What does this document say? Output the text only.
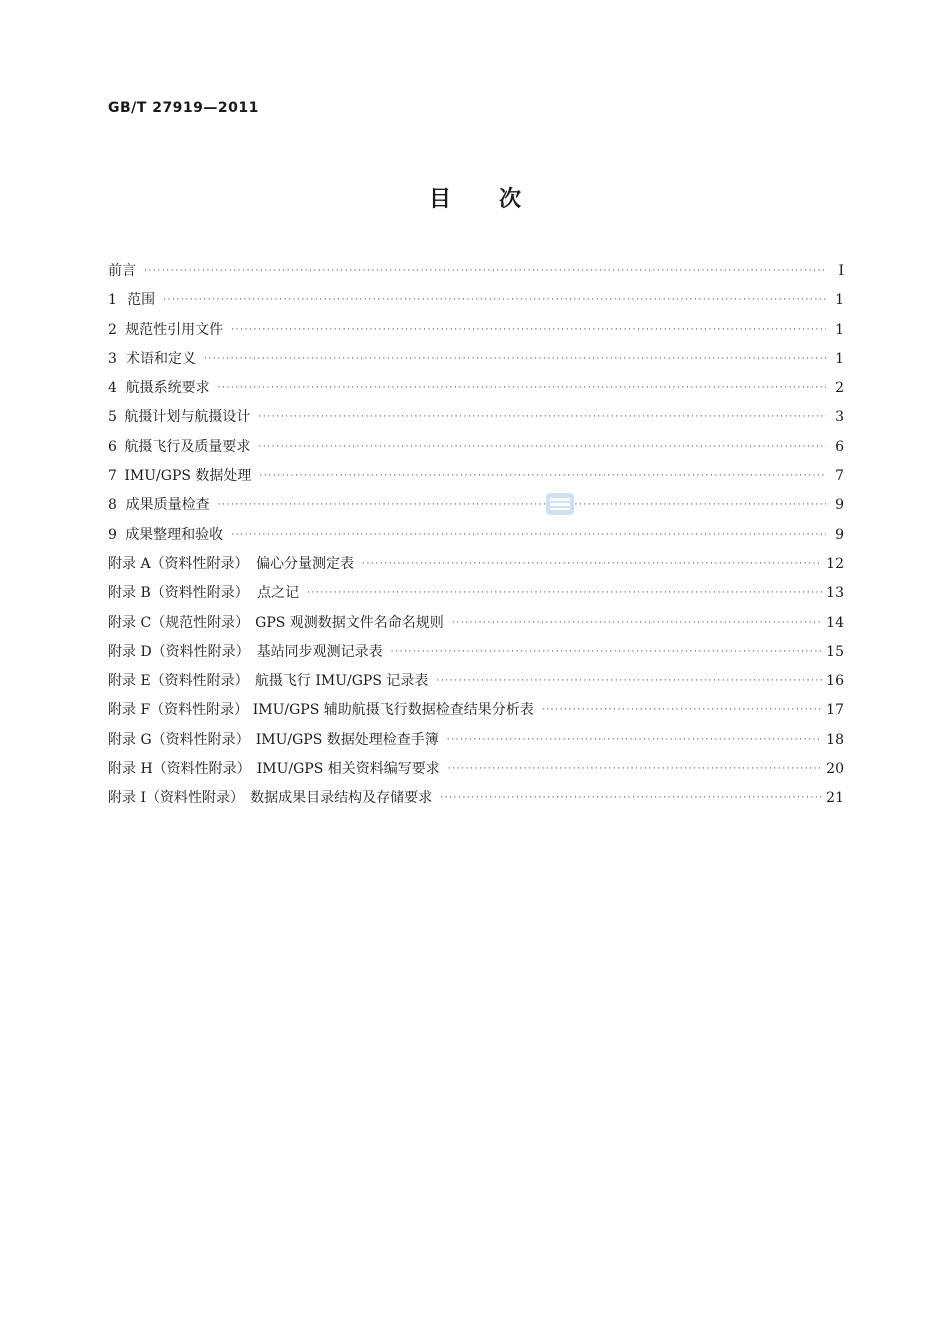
GB/T 27919—2011
目次
前言 ·····	Ⅰ
1 范围 ·····	1
2 规范性引用文件 ·····	1
3 术语和定义 ·····	1
4 航摄系统要求 ·····	2
5 航摄计划与航摄设计 ·····	3
6 航摄飞行及质量要求 ·····	6
7 IMU/GPS 数据处理 ·····	7
8 成果质量检查 ·····	9
9 成果整理和验收 ·····	9
附录 A（资料性附录） 偏心分量测定表 ·····	12
附录 B（资料性附录） 点之记 ·····	13
附录 C（规范性附录） GPS 观测数据文件名命名规则 ·····	14
附录 D（资料性附录） 基站同步观测记录表 ·····	15
附录 E（资料性附录） 航摄飞行 IMU/GPS 记录表 ·····	16
附录 F（资料性附录） IMU/GPS 辅助航摄飞行数据检查结果分析表 ·····	17
附录 G（资料性附录） IMU/GPS 数据处理检查手簿 ·····	18
附录 H（资料性附录） IMU/GPS 相关资料编写要求 ·····	20
附录 I（资料性附录） 数据成果目录结构及存储要求 ·····	21
